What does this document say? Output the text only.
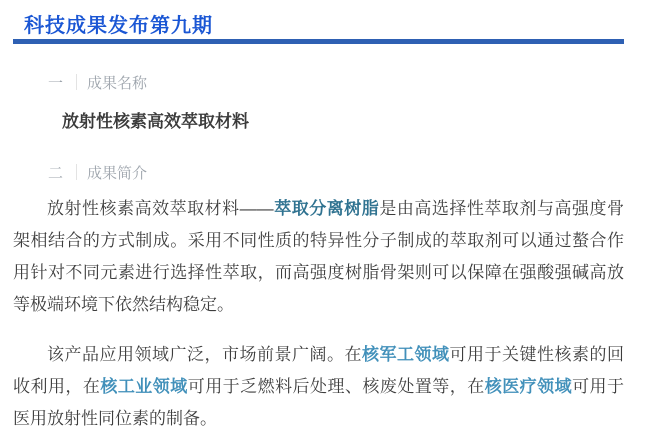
科技成果发布第九期
一 成果名称
放射性核素高效萃取材料
二 成果简介

放射性核素高效萃取材料——萃取分离树脂是由高选择性萃取剂与高强度骨架相结合的方式制成。采用不同性质的特异性分子制成的萃取剂可以通过螯合作用针对不同元素进行选择性萃取，而高强度树脂骨架则可以保障在强酸强碱高放等极端环境下依然结构稳定。

该产品应用领域广泛，市场前景广阔。在核军工领域可用于关键性核素的回收利用，在核工业领域可用于乏燃料后处理、核废处置等，在核医疗领域可用于医用放射性同位素的制备。
